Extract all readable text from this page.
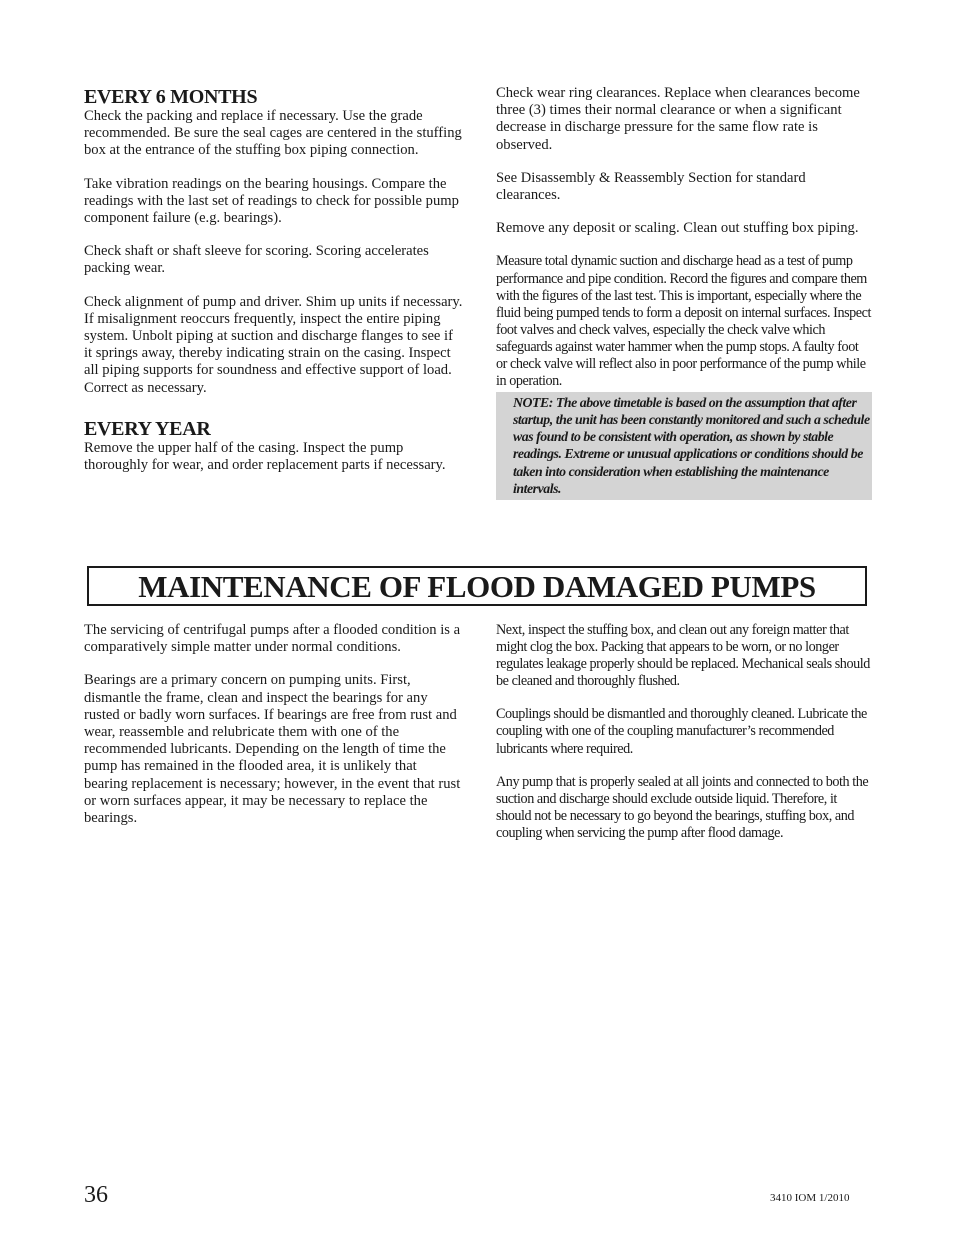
EVERY 6 MONTHS

Check the packing and replace if necessary. Use the grade recommended. Be sure the seal cages are centered in the stuffing box at the entrance of the stuffing box piping connection.

Take vibration readings on the bearing housings. Compare the readings with the last set of readings to check for possible pump component failure (e.g. bearings).

Check shaft or shaft sleeve for scoring. Scoring accelerates packing wear.

Check alignment of pump and driver. Shim up units if necessary. If misalignment reoccurs frequently, inspect the entire piping system. Unbolt piping at suction and discharge flanges to see if it springs away, thereby indicating strain on the casing. Inspect all piping supports for soundness and effective support of load. Correct as necessary.

EVERY YEAR

Remove the upper half of the casing. Inspect the pump thoroughly for wear, and order replacement parts if necessary.

Check wear ring clearances. Replace when clearances become three (3) times their normal clearance or when a significant decrease in discharge pressure for the same flow rate is observed.

See Disassembly & Reassembly Section for standard clearances.

Remove any deposit or scaling. Clean out stuffing box piping.

Measure total dynamic suction and discharge head as a test of pump performance and pipe condition. Record the figures and compare them with the figures of the last test. This is important, especially where the fluid being pumped tends to form a deposit on internal surfaces. Inspect foot valves and check valves, especially the check valve which safeguards against water hammer when the pump stops. A faulty foot or check valve will reflect also in poor performance of the pump while in operation.

NOTE: The above timetable is based on the assumption that after startup, the unit has been constantly monitored and such a schedule was found to be consistent with operation, as shown by stable readings. Extreme or unusual applications or conditions should be taken into consideration when establishing the maintenance intervals.
MAINTENANCE OF FLOOD DAMAGED PUMPS

The servicing of centrifugal pumps after a flooded condition is a comparatively simple matter under normal conditions.

Bearings are a primary concern on pumping units. First, dismantle the frame, clean and inspect the bearings for any rusted or badly worn surfaces. If bearings are free from rust and wear, reassemble and relubricate them with one of the recommended lubricants. Depending on the length of time the pump has remained in the flooded area, it is unlikely that bearing replacement is necessary; however, in the event that rust or worn surfaces appear, it may be necessary to replace the bearings.

Next, inspect the stuffing box, and clean out any foreign matter that might clog the box. Packing that appears to be worn, or no longer regulates leakage properly should be replaced. Mechanical seals should be cleaned and thoroughly flushed.

Couplings should be dismantled and thoroughly cleaned. Lubricate the coupling with one of the coupling manufacturer’s recommended lubricants where required.

Any pump that is properly sealed at all joints and connected to both the suction and discharge should exclude outside liquid. Therefore, it should not be necessary to go beyond the bearings, stuffing box, and coupling when servicing the pump after flood damage.

36	3410 IOM 1/2010
